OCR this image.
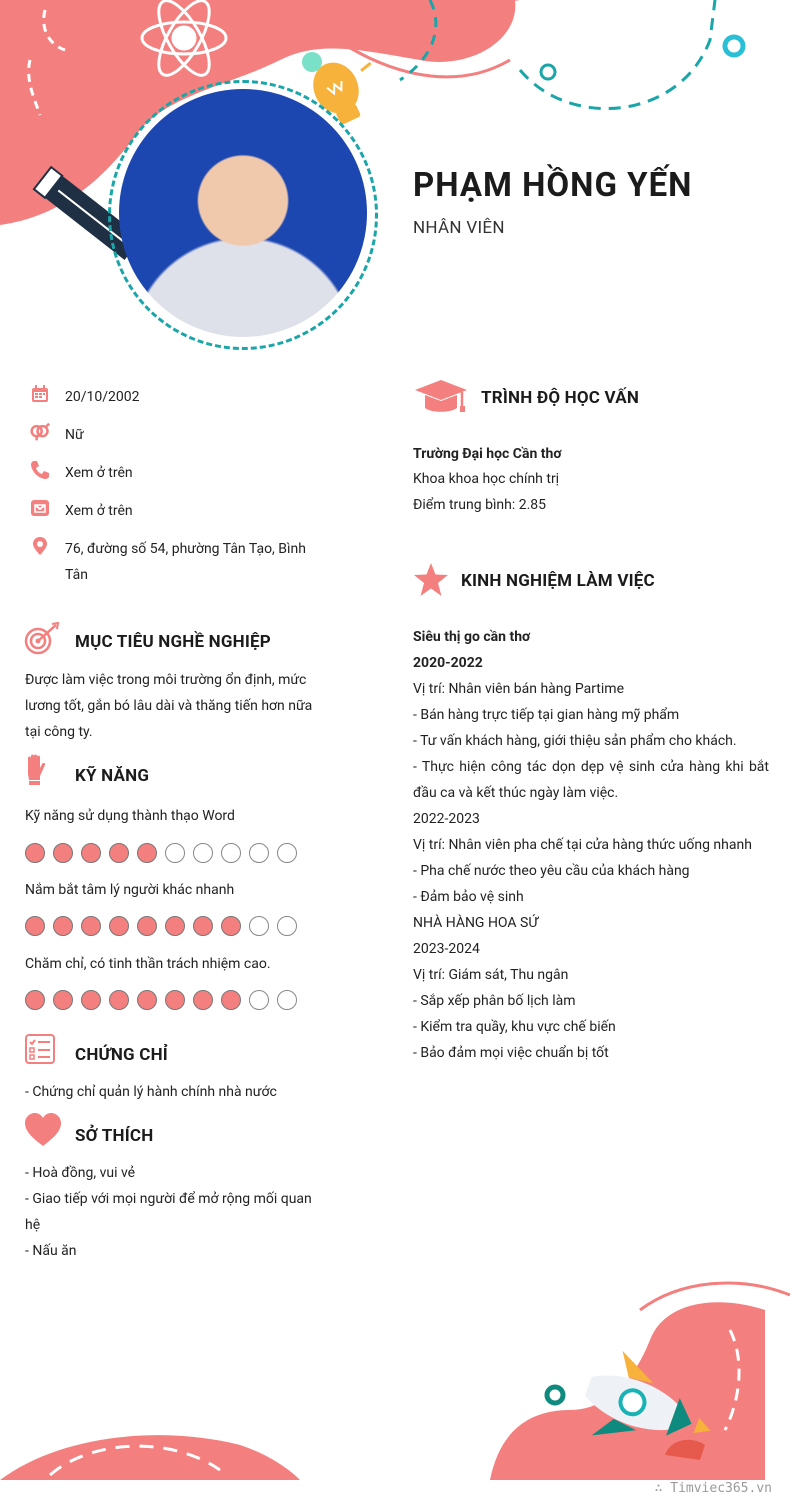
PHẠM HỒNG YẾN
NHÂN VIÊN
20/10/2002
Nữ
Xem ở trên
Xem ở trên
76, đường số 54, phường Tân Tạo, Bình Tân
MỤC TIÊU NGHỀ NGHIỆP
Được làm việc trong môi trường ổn định, mức lương tốt, gắn bó lâu dài và thăng tiến hơn nữa tại công ty.
KỸ NĂNG
Kỹ năng sử dụng thành thạo Word
Nắm bắt tâm lý người khác nhanh
Chăm chỉ, có tinh thần trách nhiệm cao.
CHỨNG CHỈ
- Chứng chỉ quản lý hành chính nhà nước
SỞ THÍCH
- Hoà đồng, vui vẻ
- Giao tiếp với mọi người để mở rộng mối quan hệ
- Nấu ăn
TRÌNH ĐỘ HỌC VẤN
Trường Đại học Cần thơ
Khoa khoa học chính trị
Điểm trung bình: 2.85
KINH NGHIỆM LÀM VIỆC
Siêu thị go cần thơ
2020-2022
Vị trí: Nhân viên bán hàng Partime
- Bán hàng trực tiếp tại gian hàng mỹ phẩm
- Tư vấn khách hàng, giới thiệu sản phẩm cho khách.
- Thực hiện công tác dọn dẹp vệ sinh cửa hàng khi bắt đầu ca và kết thúc ngày làm việc.
2022-2023
Vị trí: Nhân viên pha chế tại cửa hàng thức uống nhanh
- Pha chế nước theo yêu cầu của khách hàng
- Đảm bảo vệ sinh
NHÀ HÀNG HOA SỨ
2023-2024
Vị trí: Giám sát, Thu ngân
- Sắp xếp phân bố lịch làm
- Kiểm tra quầy, khu vực chế biến
- Bảo đảm mọi việc chuẩn bị tốt
∴ Timviec365.vn
